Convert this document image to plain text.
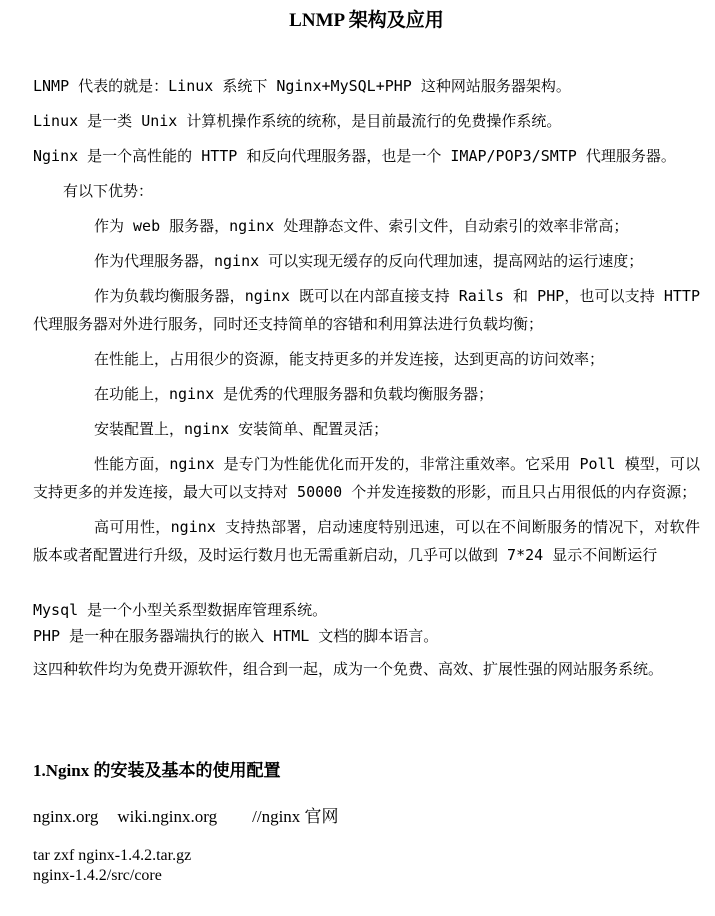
LNMP 架构及应用

LNMP 代表的就是：Linux 系统下 Nginx+MySQL+PHP 这种网站服务器架构。

Linux 是一类 Unix 计算机操作系统的统称，是目前最流行的免费操作系统。

Nginx 是一个高性能的 HTTP 和反向代理服务器，也是一个 IMAP/POP3/SMTP 代理服务器。

有以下优势：

作为 web 服务器，nginx 处理静态文件、索引文件，自动索引的效率非常高；

作为代理服务器，nginx 可以实现无缓存的反向代理加速，提高网站的运行速度；

作为负载均衡服务器，nginx 既可以在内部直接支持 Rails 和 PHP，也可以支持 HTTP 代理服务器对外进行服务，同时还支持简单的容错和利用算法进行负载均衡；

在性能上，占用很少的资源，能支持更多的并发连接，达到更高的访问效率；

在功能上，nginx 是优秀的代理服务器和负载均衡服务器；

安装配置上，nginx 安装简单、配置灵活；

性能方面，nginx 是专门为性能优化而开发的，非常注重效率。它采用 Poll 模型，可以支持更多的并发连接，最大可以支持对 50000 个并发连接数的形影，而且只占用很低的内存资源；

高可用性，nginx 支持热部署，启动速度特别迅速，可以在不间断服务的情况下，对软件版本或者配置进行升级，及时运行数月也无需重新启动，几乎可以做到 7*24 显示不间断运行

Mysql 是一个小型关系型数据库管理系统。

PHP 是一种在服务器端执行的嵌入 HTML 文档的脚本语言。

这四种软件均为免费开源软件，组合到一起，成为一个免费、高效、扩展性强的网站服务系统。

1.Nginx 的安装及基本的使用配置
nginx.org wiki.nginx.org //nginx 官网
tar zxf nginx-1.4.2.tar.gz
nginx-1.4.2/src/core
